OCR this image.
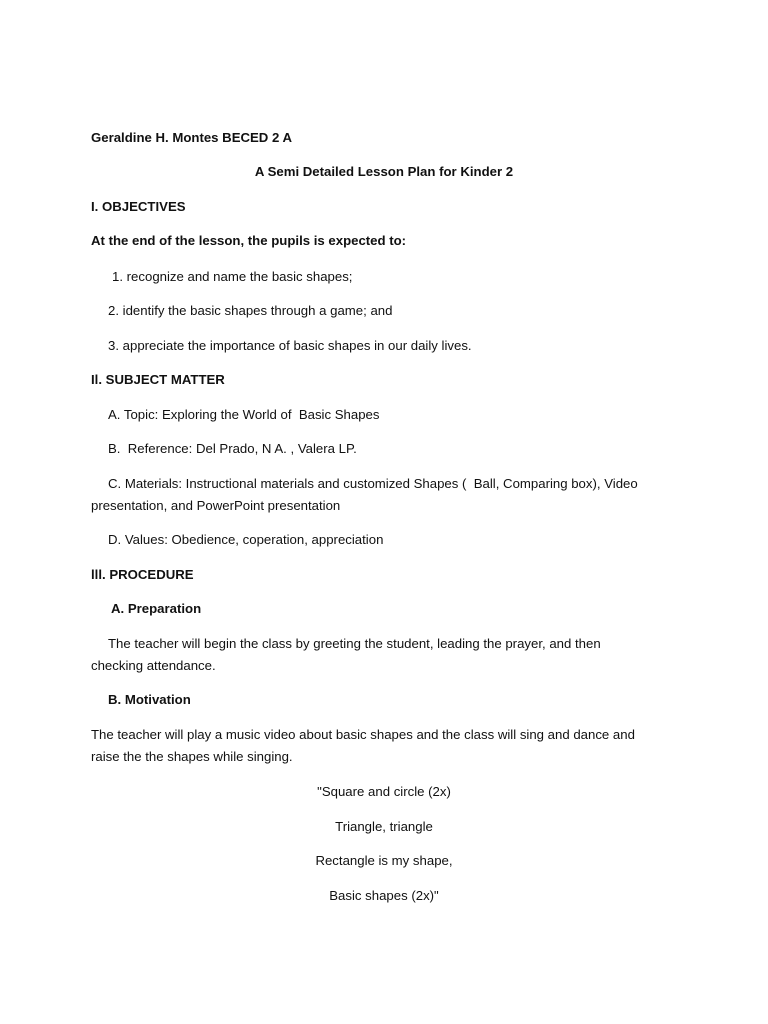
Geraldine H. Montes BECED 2 A
A Semi Detailed Lesson Plan for Kinder 2
I. OBJECTIVES
At the end of the lesson, the pupils is expected to:
1. recognize and name the basic shapes;
2. identify the basic shapes through a game; and
3. appreciate the importance of basic shapes in our daily lives.
Il. SUBJECT MATTER
A. Topic: Exploring the World of  Basic Shapes
B.  Reference: Del Prado, N A. , Valera LP.
C. Materials: Instructional materials and customized Shapes (  Ball, Comparing box), Video
presentation, and PowerPoint presentation
D. Values: Obedience, coperation, appreciation
lll. PROCEDURE
A. Preparation
The teacher will begin the class by greeting the student, leading the prayer, and then
checking attendance.
B. Motivation
The teacher will play a music video about basic shapes and the class will sing and dance and
raise the the shapes while singing.
"Square and circle (2x)
Triangle, triangle
Rectangle is my shape,
Basic shapes (2x)"
